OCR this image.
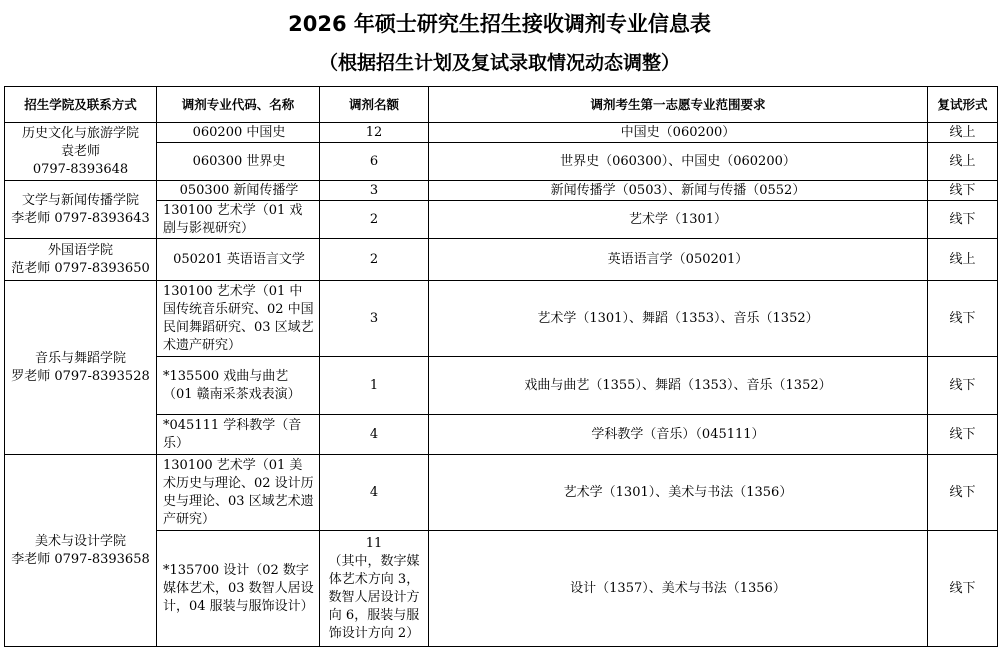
2026 年硕士研究生招生接收调剂专业信息表
（根据招生计划及复试录取情况动态调整）
招生学院及联系方式	调剂专业代码、名称	调剂名额	调剂考生第一志愿专业范围要求	复试形式

历史文化与旅游学院
袁老师
0797-8393648	060200 中国史	12	中国史（060200）	线上
	060300 世界史	6	世界史（060300）、中国史（060200）	线上

文学与新闻传播学院
李老师 0797-8393643	050300 新闻传播学	3	新闻传播学（0503）、新闻与传播（0552）	线下
	130100 艺术学（01 戏剧与影视研究）	2	艺术学（1301）	线下

外国语学院
范老师 0797-8393650	050201 英语语言文学	2	英语语言学（050201）	线上

音乐与舞蹈学院
罗老师 0797-8393528	130100 艺术学（01 中国传统音乐研究、02 中国民间舞蹈研究、03 区域艺术遗产研究）	3	艺术学（1301）、舞蹈（1353）、音乐（1352）	线下
	*135500 戏曲与曲艺（01 赣南采茶戏表演）	1	戏曲与曲艺（1355）、舞蹈（1353）、音乐（1352）	线下
	*045111 学科教学（音乐）	4	学科教学（音乐）（045111）	线下

美术与设计学院
李老师 0797-8393658	130100 艺术学（01 美术历史与理论、02 设计历史与理论、03 区域艺术遗产研究）	4	艺术学（1301）、美术与书法（1356）	线下
	*135700 设计（02 数字媒体艺术，03 数智人居设计，04 服装与服饰设计）	11
（其中，数字媒体艺术方向 3，数智人居设计方向 6，服装与服饰设计方向 2）	设计（1357）、美术与书法（1356）	线下
